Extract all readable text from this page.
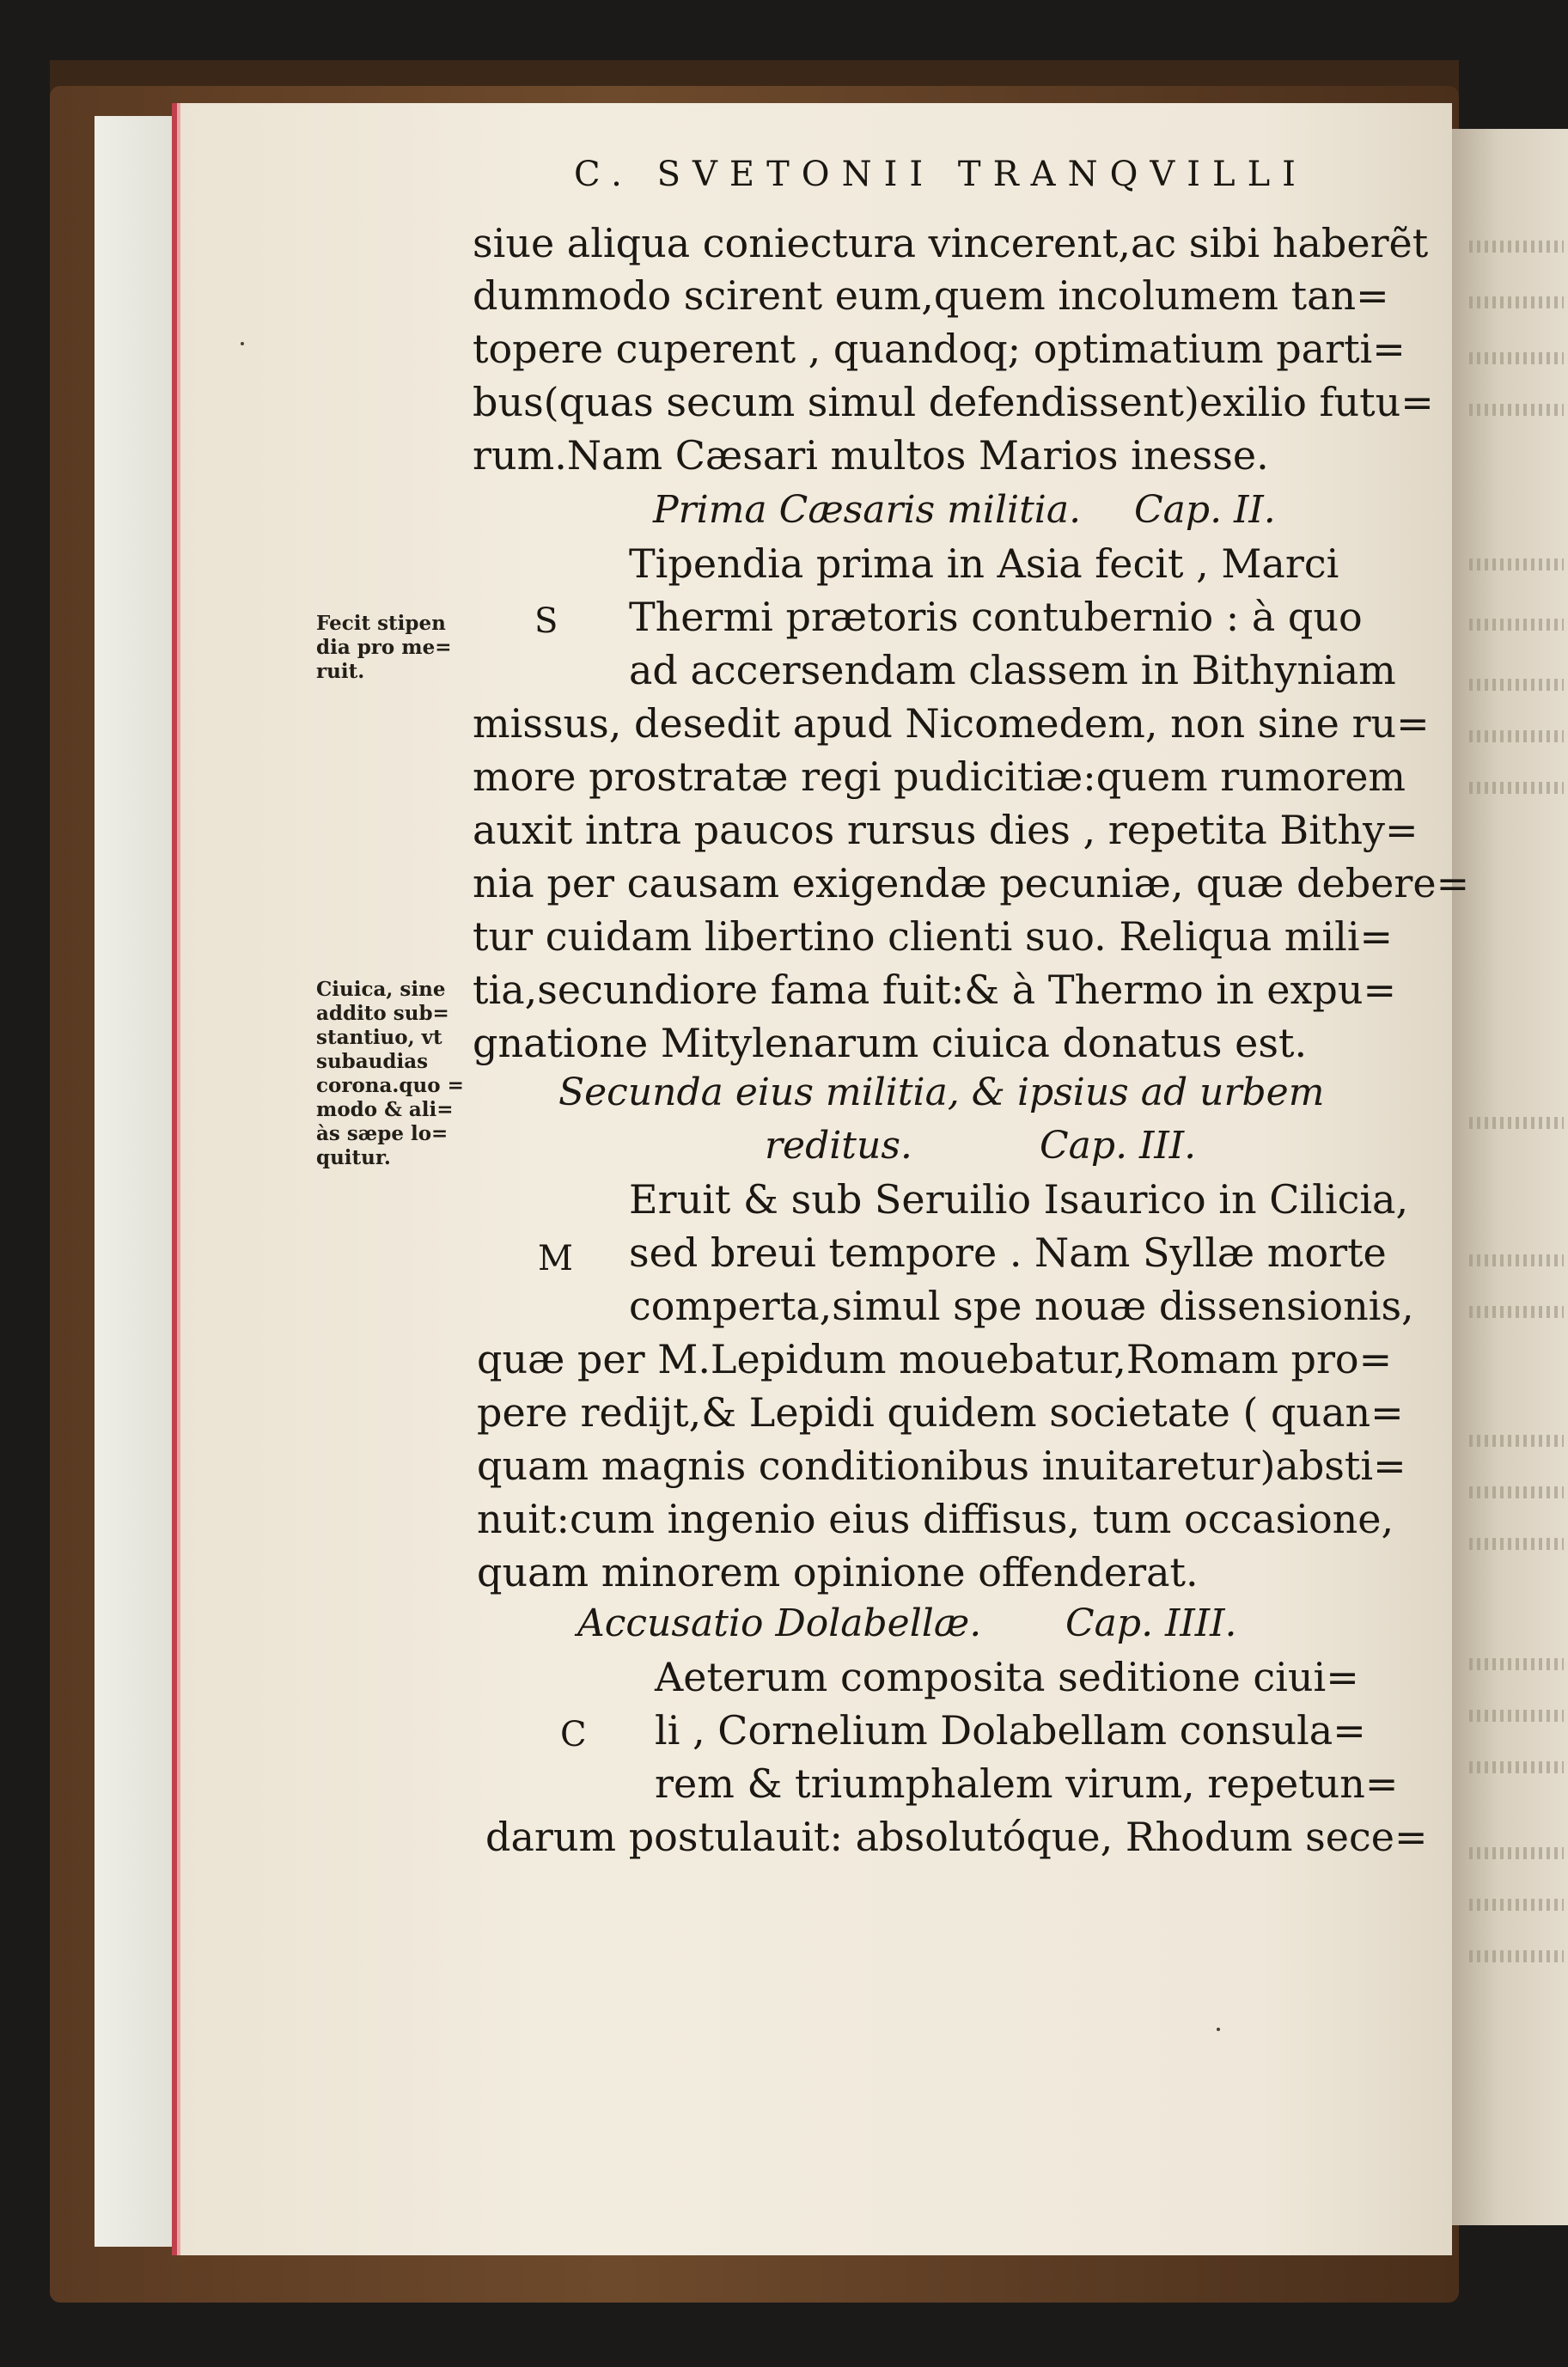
C. SVETONII TRANQVILLI
siue aliqua coniectura vincerent,ac sibi haberẽt
dummodo scirent eum,quem incolumem tan=
topere cuperent , quandoq; optimatium parti=
bus(quas secum simul defendissent)exilio futu=
rum.Nam Cæsari multos Marios inesse.
Prima Cæsaris militia. Cap. II.
S
Tipendia prima in Asia fecit , Marci
Thermi prætoris contubernio : à quo
ad accersendam classem in Bithyniam
missus, desedit apud Nicomedem, non sine ru=
more prostratæ regi pudicitiæ:quem rumorem
auxit intra paucos rursus dies , repetita Bithy=
nia per causam exigendæ pecuniæ, quæ debere=
tur cuidam libertino clienti suo. Reliqua mili=
tia,secundiore fama fuit:& à Thermo in expu=
gnatione Mitylenarum ciuica donatus est.
Secunda eius militia, & ipsius ad urbem
reditus.	Cap. III.
M
Eruit & sub Seruilio Isaurico in Cilicia,
sed breui tempore . Nam Syllæ morte
comperta,simul spe nouæ dissensionis,
quæ per M.Lepidum mouebatur,Romam pro=
pere rediјt,& Lepidi quidem societate ( quan=
quam magnis conditionibus inuitaretur)absti=
nuit:cum ingenio eius diffisus, tum occasione,
quam minorem opinione offenderat.
Accusatio Dolabellæ. Cap. IIII.
C
Aeterum composita seditione ciui=
li , Cornelium Dolabellam consula=
rem & triumphalem virum, repetun=
darum postulauit: absolutóque, Rhodum sece=
Fecit stipen
dia pro me=
ruit.
Ciuica, sine
addito sub=
stantiuo, vt
subaudias
corona.quo =
modo & ali=
às sæpe lo=
quitur.
